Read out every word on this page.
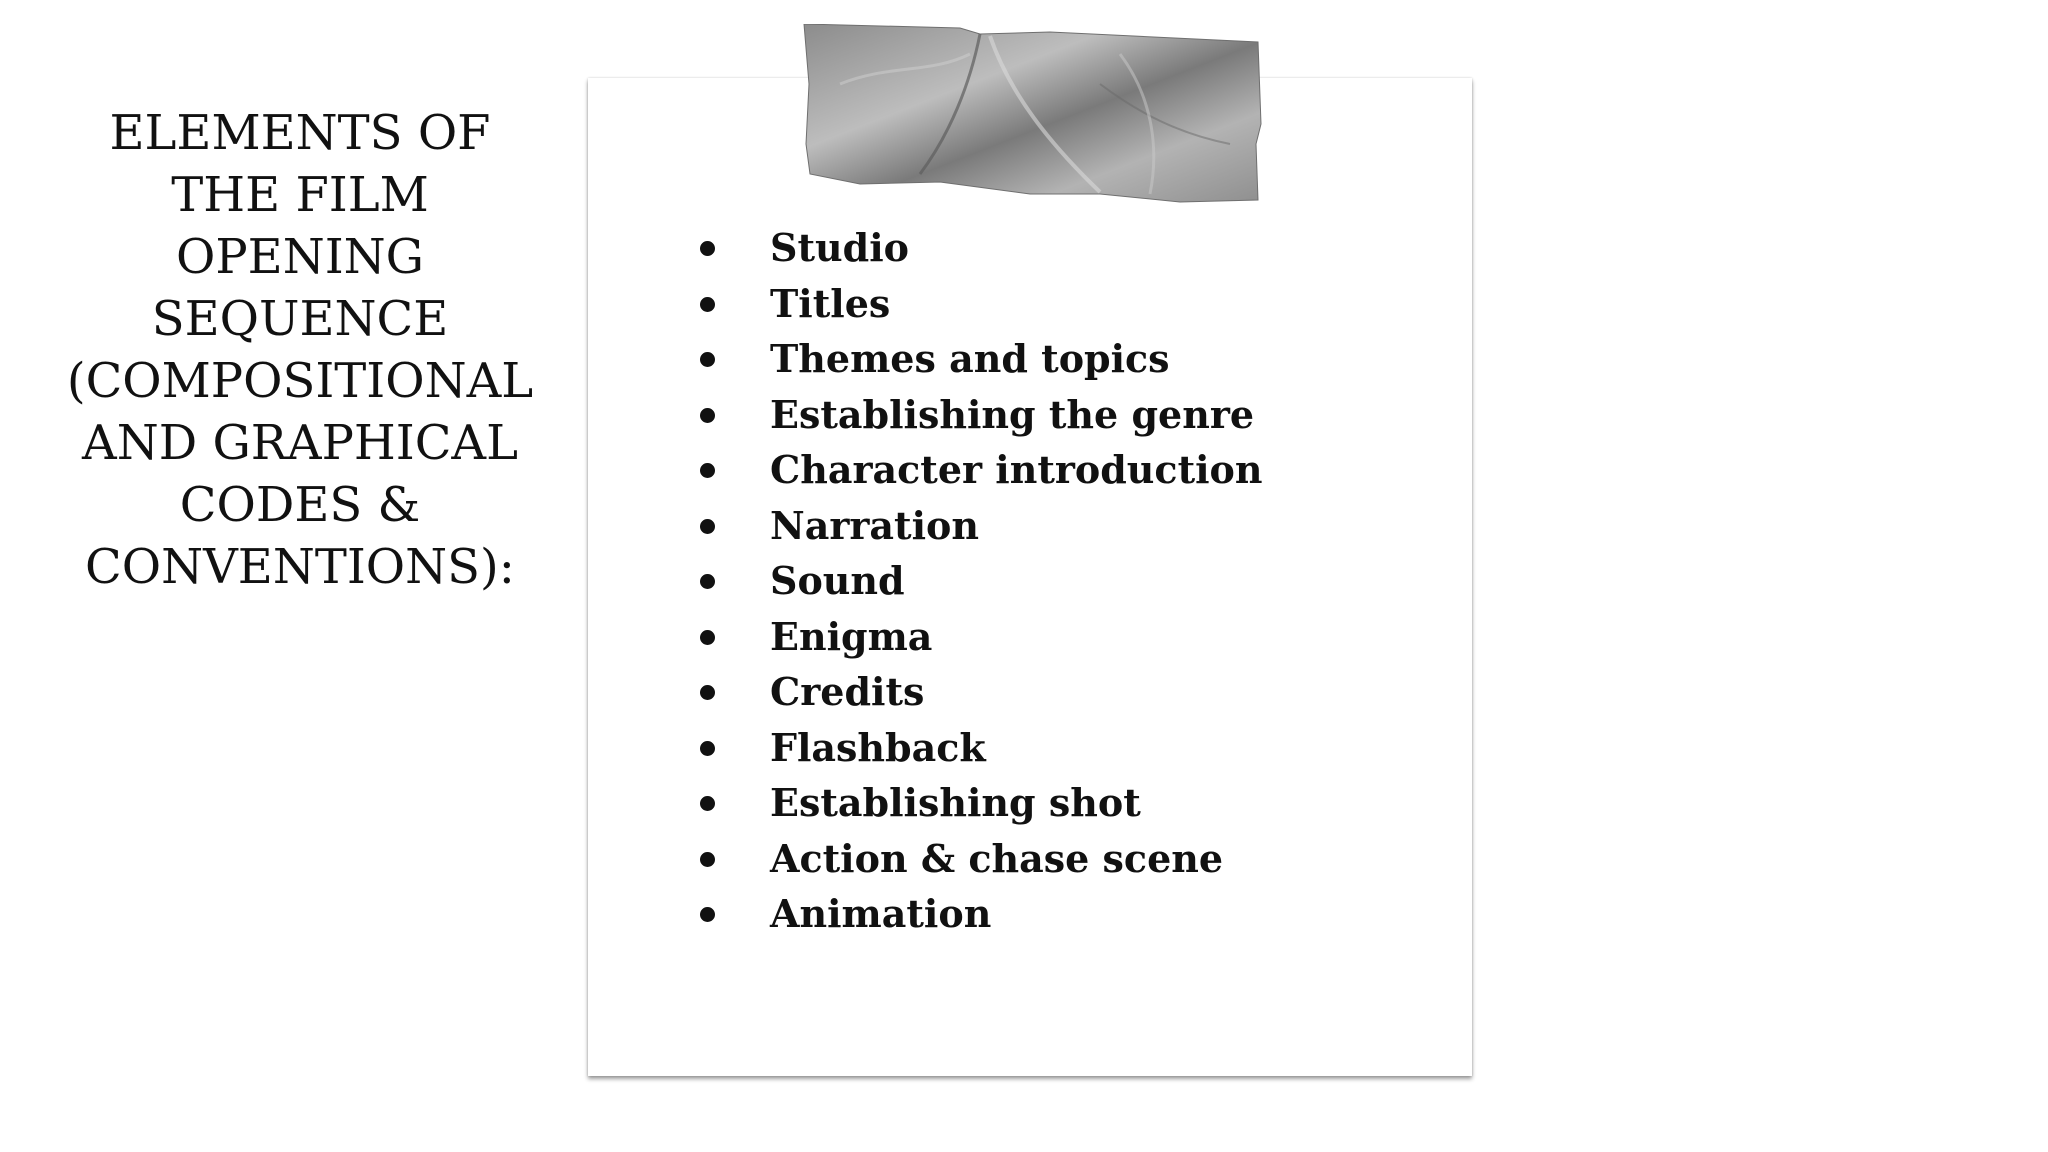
ELEMENTS OF
THE FILM
OPENING
SEQUENCE
(COMPOSITIONAL
AND GRAPHICAL
CODES &
CONVENTIONS):
Studio
Titles
Themes and topics
Establishing the genre
Character introduction
Narration
Sound
Enigma
Credits
Flashback
Establishing shot
Action & chase scene
Animation
